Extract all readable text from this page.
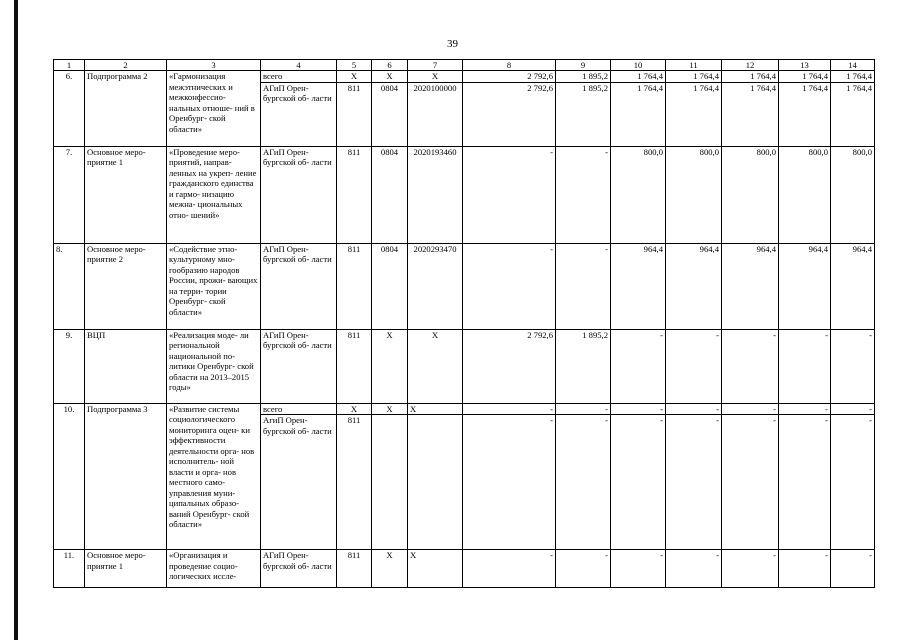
39
1	2	3	4	5	6	7	8	9	10	11	12	13	14
6.	Подпрограмма 2	«Гармонизация межэтнических и межконфессио- нальных отноше- ний в Оренбург- ской области»	всего	Х	Х	Х	2 792,6	1 895,2	1 764,4	1 764,4	1 764,4	1 764,4	1 764,4
			АГиП Орен- бургской об- ласти	811	0804	2020100000	2 792,6	1 895,2	1 764,4	1 764,4	1 764,4	1 764,4	1 764,4
7.	Основное меро- приятие 1	«Проведение меро- приятий, направ- ленных на укреп- ление гражданского единства и гармо- низацию межна- циональных отно- шений»	АГиП Орен- бургской об- ласти	811	0804	2020193460	-	-	800,0	800,0	800,0	800,0	800,0
8.	Основное меро- приятие 2	«Содействие этно- культурному мно- гообразию народов России, прожи- вающих на терри- тории Оренбург- ской области»	АГиП Орен- бургской об- ласти	811	0804	2020293470	-	-	964,4	964,4	964,4	964,4	964,4
9.	ВЦП	«Реализация моде- ли региональной национальной по- литики Оренбург- ской области на 2013–2015 годы»	АГиП Орен- бургской об- ласти	811	Х	Х	2 792,6	1 895,2	-	-	-	-	-
10.	Подпрограмма 3	«Развитие системы социологического мониторинга оцен- ки эффективности деятельности орга- нов исполнитель- ной власти и орга- нов местного само- управления муни- ципальных образо- ваний Оренбург- ской области»	всего	Х	Х	Х	-	-	-	-	-	-	-
			АгиП Орен- бургской об- ласти	811			-	-	-	-	-	-	-
11.	Основное меро- приятие 1	«Организация и проведение социо- логических иссле-	АГиП Орен- бургской об- ласти	811	Х	Х	-	-	-	-	-	-	-
